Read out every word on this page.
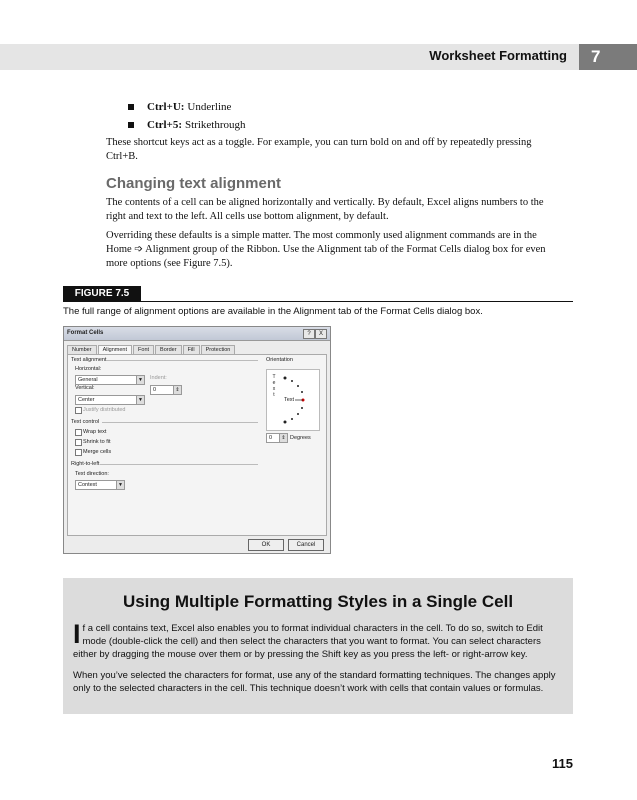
Worksheet Formatting	7
Ctrl+U: Underline
Ctrl+5: Strikethrough
These shortcut keys act as a toggle. For example, you can turn bold on and off by repeatedly pressing Ctrl+B.
Changing text alignment
The contents of a cell can be aligned horizontally and vertically. By default, Excel aligns numbers to the right and text to the left. All cells use bottom alignment, by default.
Overriding these defaults is a simple matter. The most commonly used alignment commands are in the Home ➩ Alignment group of the Ribbon. Use the Alignment tab of the Format Cells dialog box for even more options (see Figure 7.5).
FIGURE 7.5
The full range of alignment options are available in the Alignment tab of the Format Cells dialog box.
Format Cells	?	X
Number	Alignment	Font	Border	Fill	Protection
Text alignment
Horizontal:
General	▼ Indent:
Vertical:	0	⇕
Center	▼
Justify distributed
Text control
Wrap text
Shrink to fit
Merge cells
Right-to-left
Text direction:
Context	▼
Orientation
T
e
x
t
Text
0	⇕ Degrees
OK	Cancel
Using Multiple Formatting Styles in a Single Cell
If a cell contains text, Excel also enables you to format individual characters in the cell. To do so, switch to Edit mode (double-click the cell) and then select the characters that you want to format. You can select characters either by dragging the mouse over them or by pressing the Shift key as you press the left- or right-arrow key.
When you’ve selected the characters for format, use any of the standard formatting techniques. The changes apply only to the selected characters in the cell. This technique doesn’t work with cells that contain values or formulas.
115
